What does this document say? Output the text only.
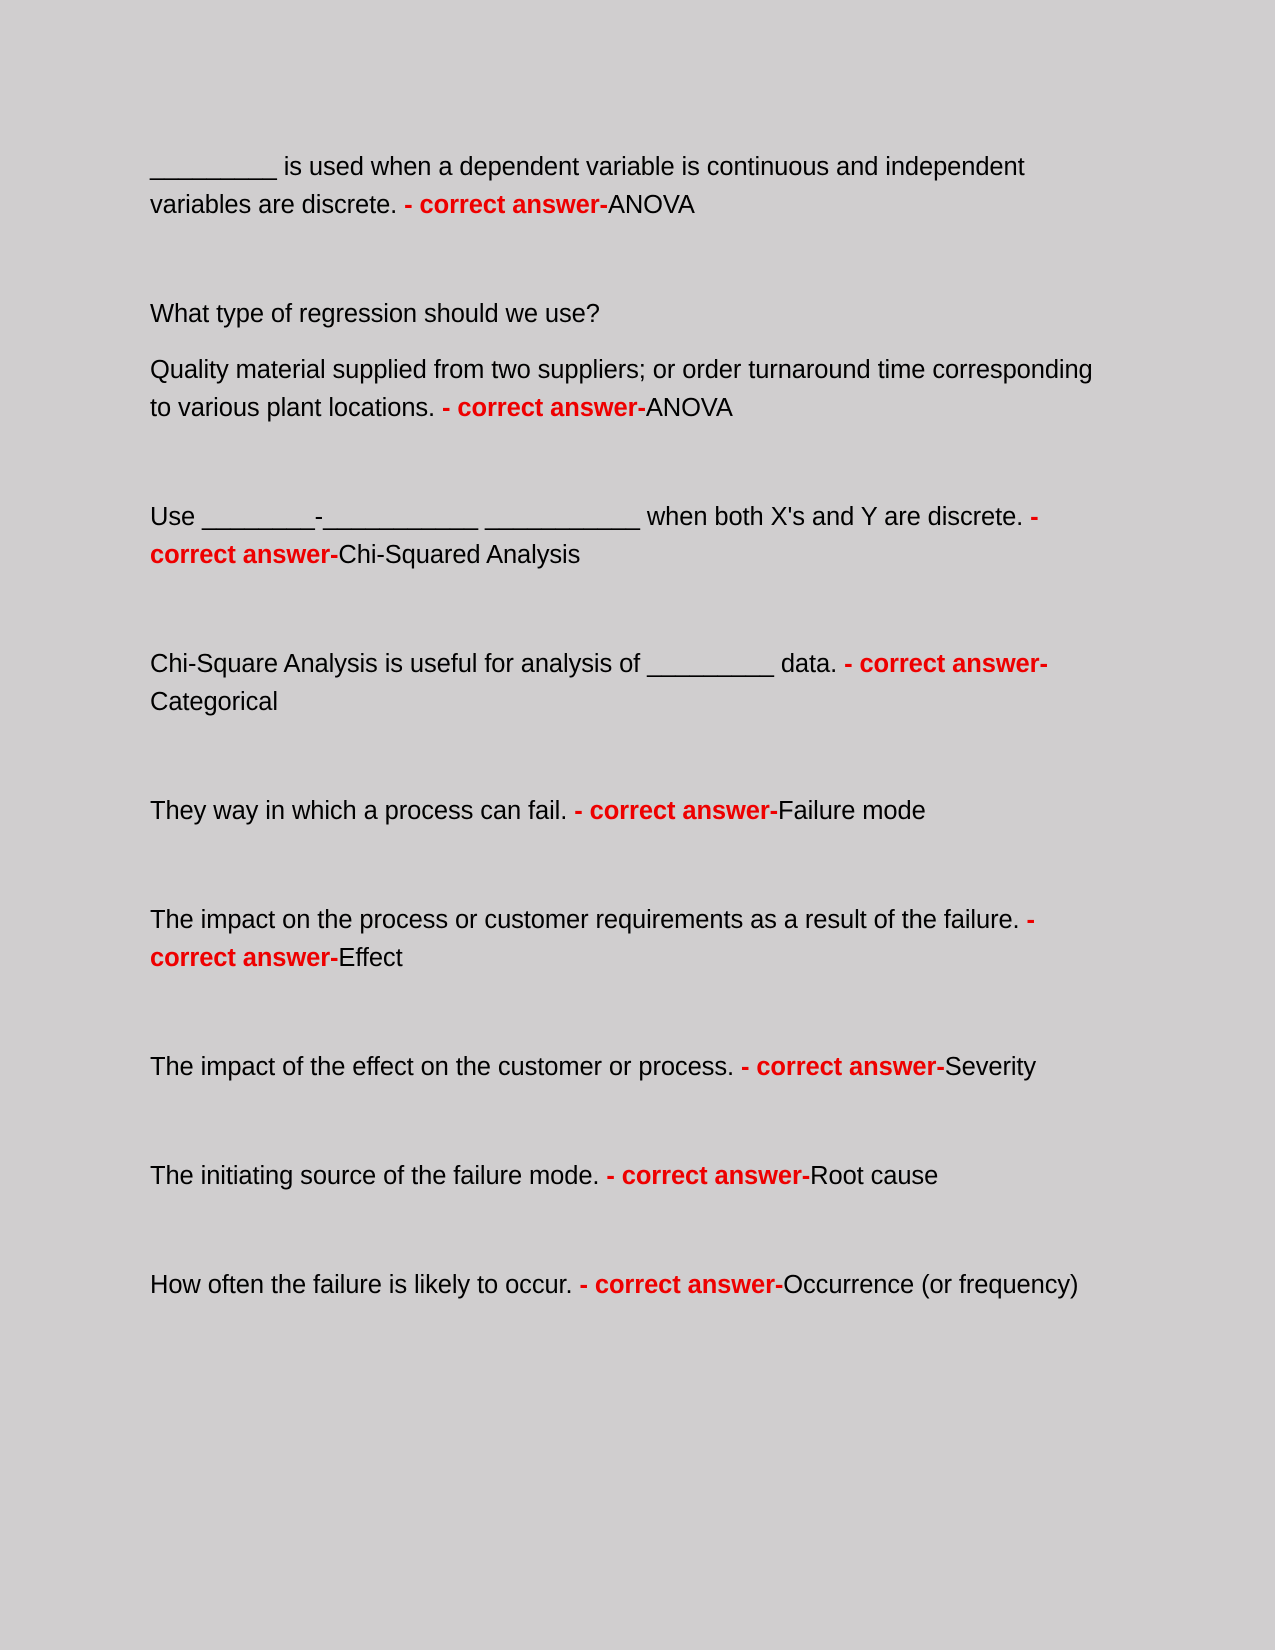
_________ is used when a dependent variable is continuous and independent variables are discrete. - correct answer-ANOVA

What type of regression should we use?

Quality material supplied from two suppliers; or order turnaround time corresponding to various plant locations. - correct answer-ANOVA

Use ________-___________ ___________ when both X's and Y are discrete. - correct answer-Chi-Squared Analysis

Chi-Square Analysis is useful for analysis of _________ data. - correct answer-Categorical

They way in which a process can fail. - correct answer-Failure mode

The impact on the process or customer requirements as a result of the failure. - correct answer-Effect

The impact of the effect on the customer or process. - correct answer-Severity

The initiating source of the failure mode. - correct answer-Root cause

How often the failure is likely to occur. - correct answer-Occurrence (or frequency)
